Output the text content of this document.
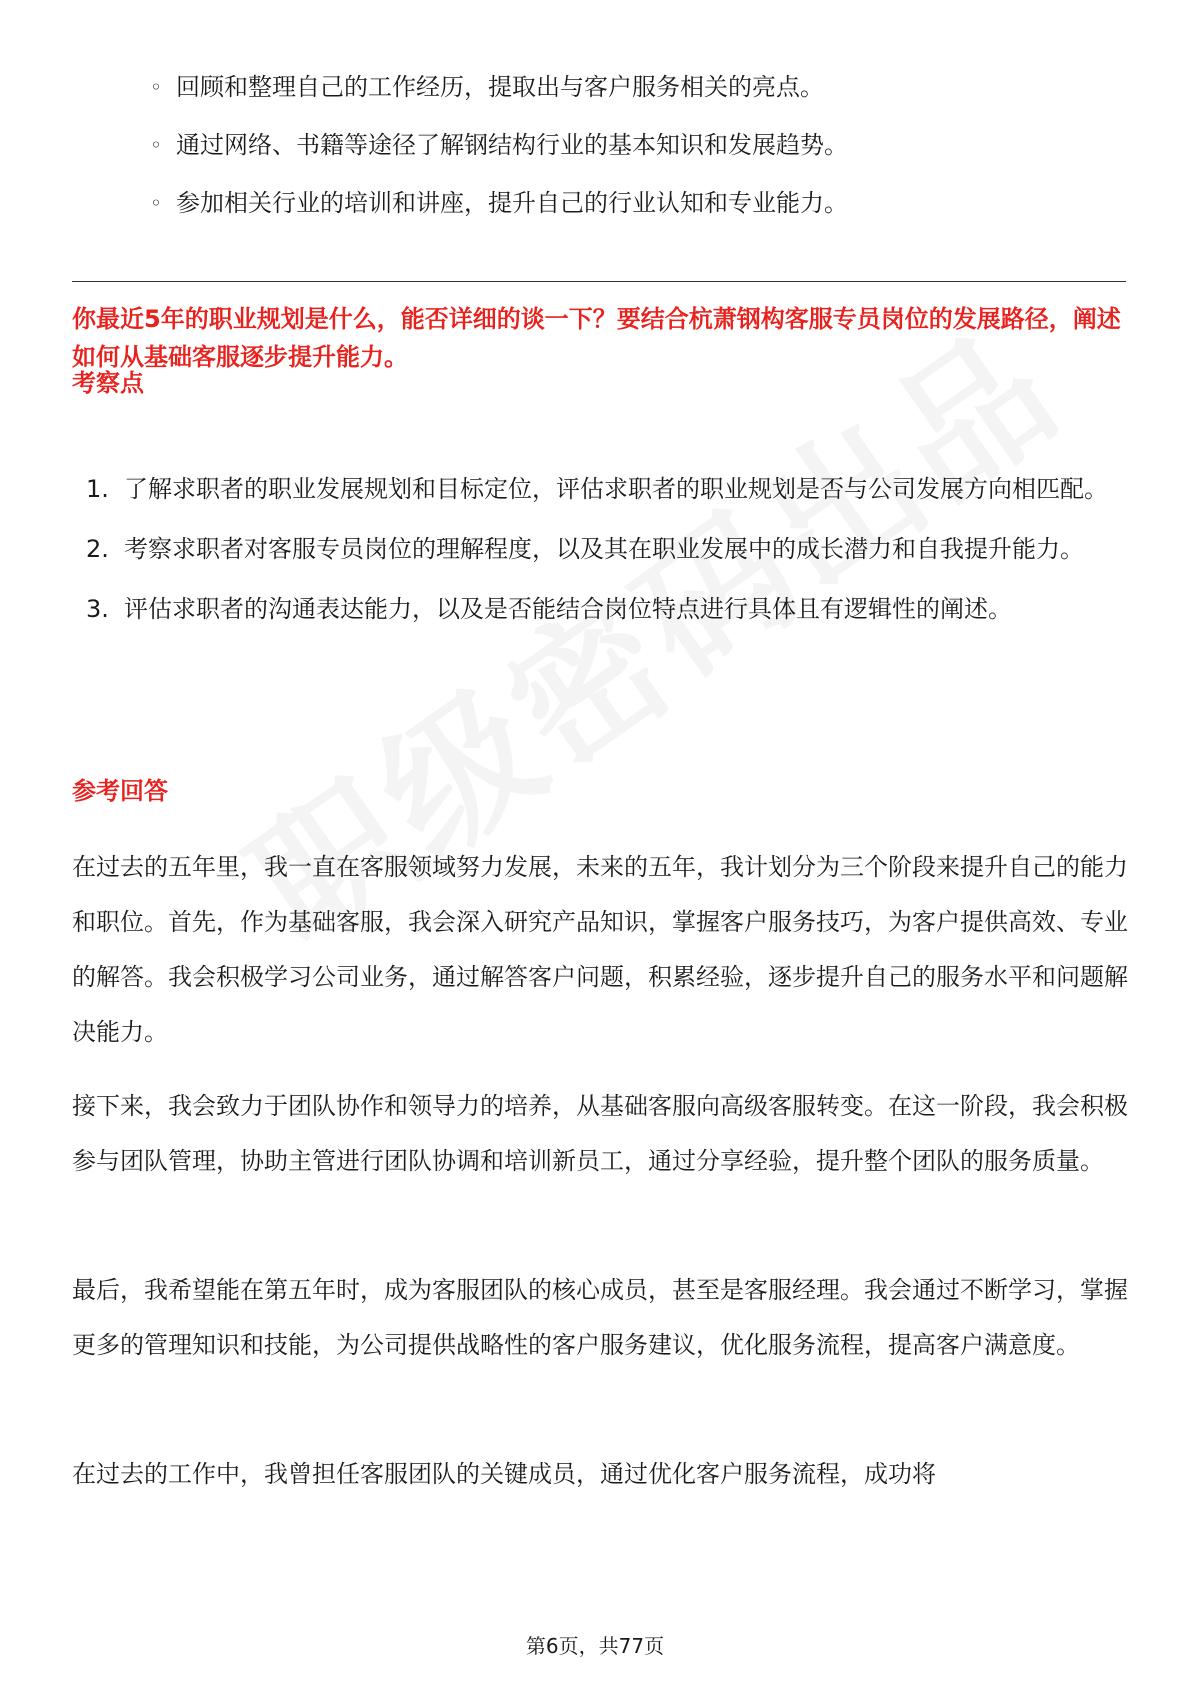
◦ 回顾和整理自己的工作经历，提取出与客户服务相关的亮点。
◦ 通过网络、书籍等途径了解钢结构行业的基本知识和发展趋势。
◦ 参加相关行业的培训和讲座，提升自己的行业认知和专业能力。

你最近5年的职业规划是什么，能否详细的谈一下？要结合杭萧钢构客服专员岗位的发展路径，阐述如何从基础客服逐步提升能力。

考察点
1. 了解求职者的职业发展规划和目标定位，评估求职者的职业规划是否与公司发展方向相匹配。
2. 考察求职者对客服专员岗位的理解程度，以及其在职业发展中的成长潜力和自我提升能力。
3. 评估求职者的沟通表达能力，以及是否能结合岗位特点进行具体且有逻辑性的阐述。
参考回答

在过去的五年里，我一直在客服领域努力发展，未来的五年，我计划分为三个阶段来提升自己的能力和职位。首先，作为基础客服，我会深入研究产品知识，掌握客户服务技巧，为客户提供高效、专业的解答。我会积极学习公司业务，通过解答客户问题，积累经验，逐步提升自己的服务水平和问题解决能力。

接下来，我会致力于团队协作和领导力的培养，从基础客服向高级客服转变。在这一阶段，我会积极参与团队管理，协助主管进行团队协调和培训新员工，通过分享经验，提升整个团队的服务质量。

最后，我希望能在第五年时，成为客服团队的核心成员，甚至是客服经理。我会通过不断学习，掌握更多的管理知识和技能，为公司提供战略性的客户服务建议，优化服务流程，提高客户满意度。

在过去的工作中，我曾担任客服团队的关键成员，通过优化客户服务流程，成功将

第6页，共77页
